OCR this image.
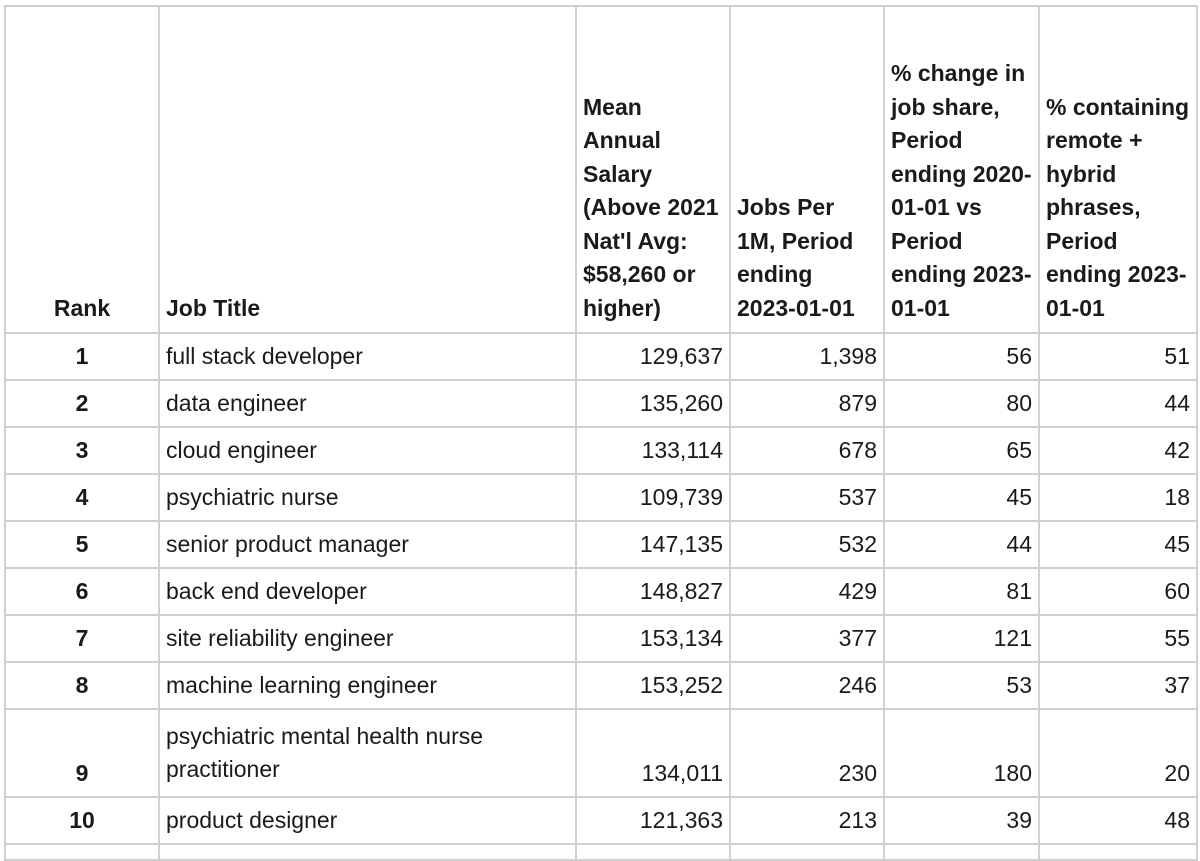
Rank	Job Title	Mean Annual Salary (Above 2021 Nat'l Avg: $58,260 or higher)	Jobs Per 1M, Period ending 2023-01-01	% change in job share, Period ending 2020-01-01 vs Period ending 2023-01-01	% containing remote + hybrid phrases, Period ending 2023-01-01
1	full stack developer	129,637	1,398	56	51
2	data engineer	135,260	879	80	44
3	cloud engineer	133,114	678	65	42
4	psychiatric nurse	109,739	537	45	18
5	senior product manager	147,135	532	44	45
6	back end developer	148,827	429	81	60
7	site reliability engineer	153,134	377	121	55
8	machine learning engineer	153,252	246	53	37
9	psychiatric mental health nurse practitioner	134,011	230	180	20
10	product designer	121,363	213	39	48
